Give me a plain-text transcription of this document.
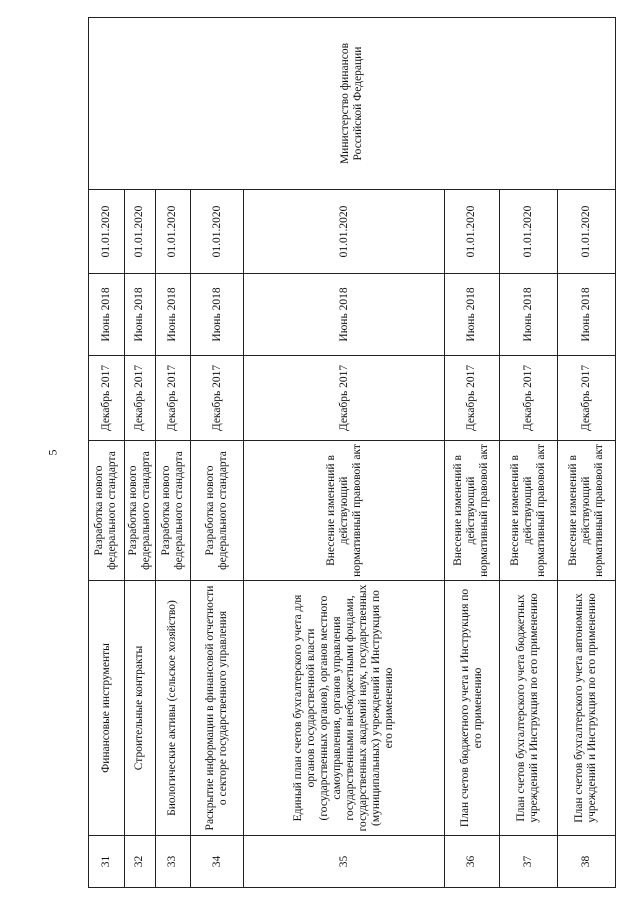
5
31	Финансовые инструменты	Разработка нового федерального стандарта	Декабрь 2017	Июнь 2018	01.01.2020	Министерство финансов Российской Федерации
32	Строительные контракты	Разработка нового федерального стандарта	Декабрь 2017	Июнь 2018	01.01.2020	
33	Биологические активы (сельское хозяйство)	Разработка нового федерального стандарта	Декабрь 2017	Июнь 2018	01.01.2020	
34	Раскрытие информации в финансовой отчетности о секторе государственного управления	Разработка нового федерального стандарта	Декабрь 2017	Июнь 2018	01.01.2020	
35	Единый план счетов бухгалтерского учета для органов государственной власти (государственных органов), органов местного самоуправления, органов управления государственными внебюджетными фондами, государственных академий наук, государственных (муниципальных) учреждений и Инструкция по его применению	Внесение изменений в действующий нормативный правовой акт	Декабрь 2017	Июнь 2018	01.01.2020	
36	План счетов бюджетного учета и Инструкция по его применению	Внесение изменений в действующий нормативный правовой акт	Декабрь 2017	Июнь 2018	01.01.2020	
37	План счетов бухгалтерского учета бюджетных учреждений и Инструкция по его применению	Внесение изменений в действующий нормативный правовой акт	Декабрь 2017	Июнь 2018	01.01.2020	
38	План счетов бухгалтерского учета автономных учреждений и Инструкция по его применению	Внесение изменений в действующий нормативный правовой акт	Декабрь 2017	Июнь 2018	01.01.2020	
